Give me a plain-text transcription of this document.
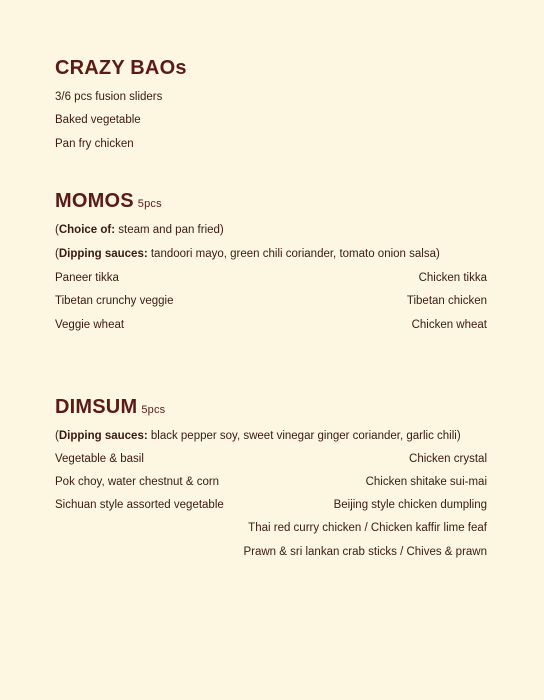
CRAZY BAOs
3/6 pcs fusion sliders
Baked vegetable
Pan fry chicken
MOMOS 5pcs
(Choice of: steam and pan fried)
(Dipping sauces: tandoori mayo, green chili coriander, tomato onion salsa)
Paneer tikka	Chicken tikka
Tibetan crunchy veggie	Tibetan chicken
Veggie wheat	Chicken wheat
DIMSUM 5pcs
(Dipping sauces: black pepper soy, sweet vinegar ginger coriander, garlic chili)
Vegetable & basil	Chicken crystal
Pok choy, water chestnut & corn	Chicken shitake sui-mai
Sichuan style assorted vegetable	Beijing style chicken dumpling
Thai red curry chicken / Chicken kaffir lime feaf
Prawn & sri lankan crab sticks / Chives & prawn
